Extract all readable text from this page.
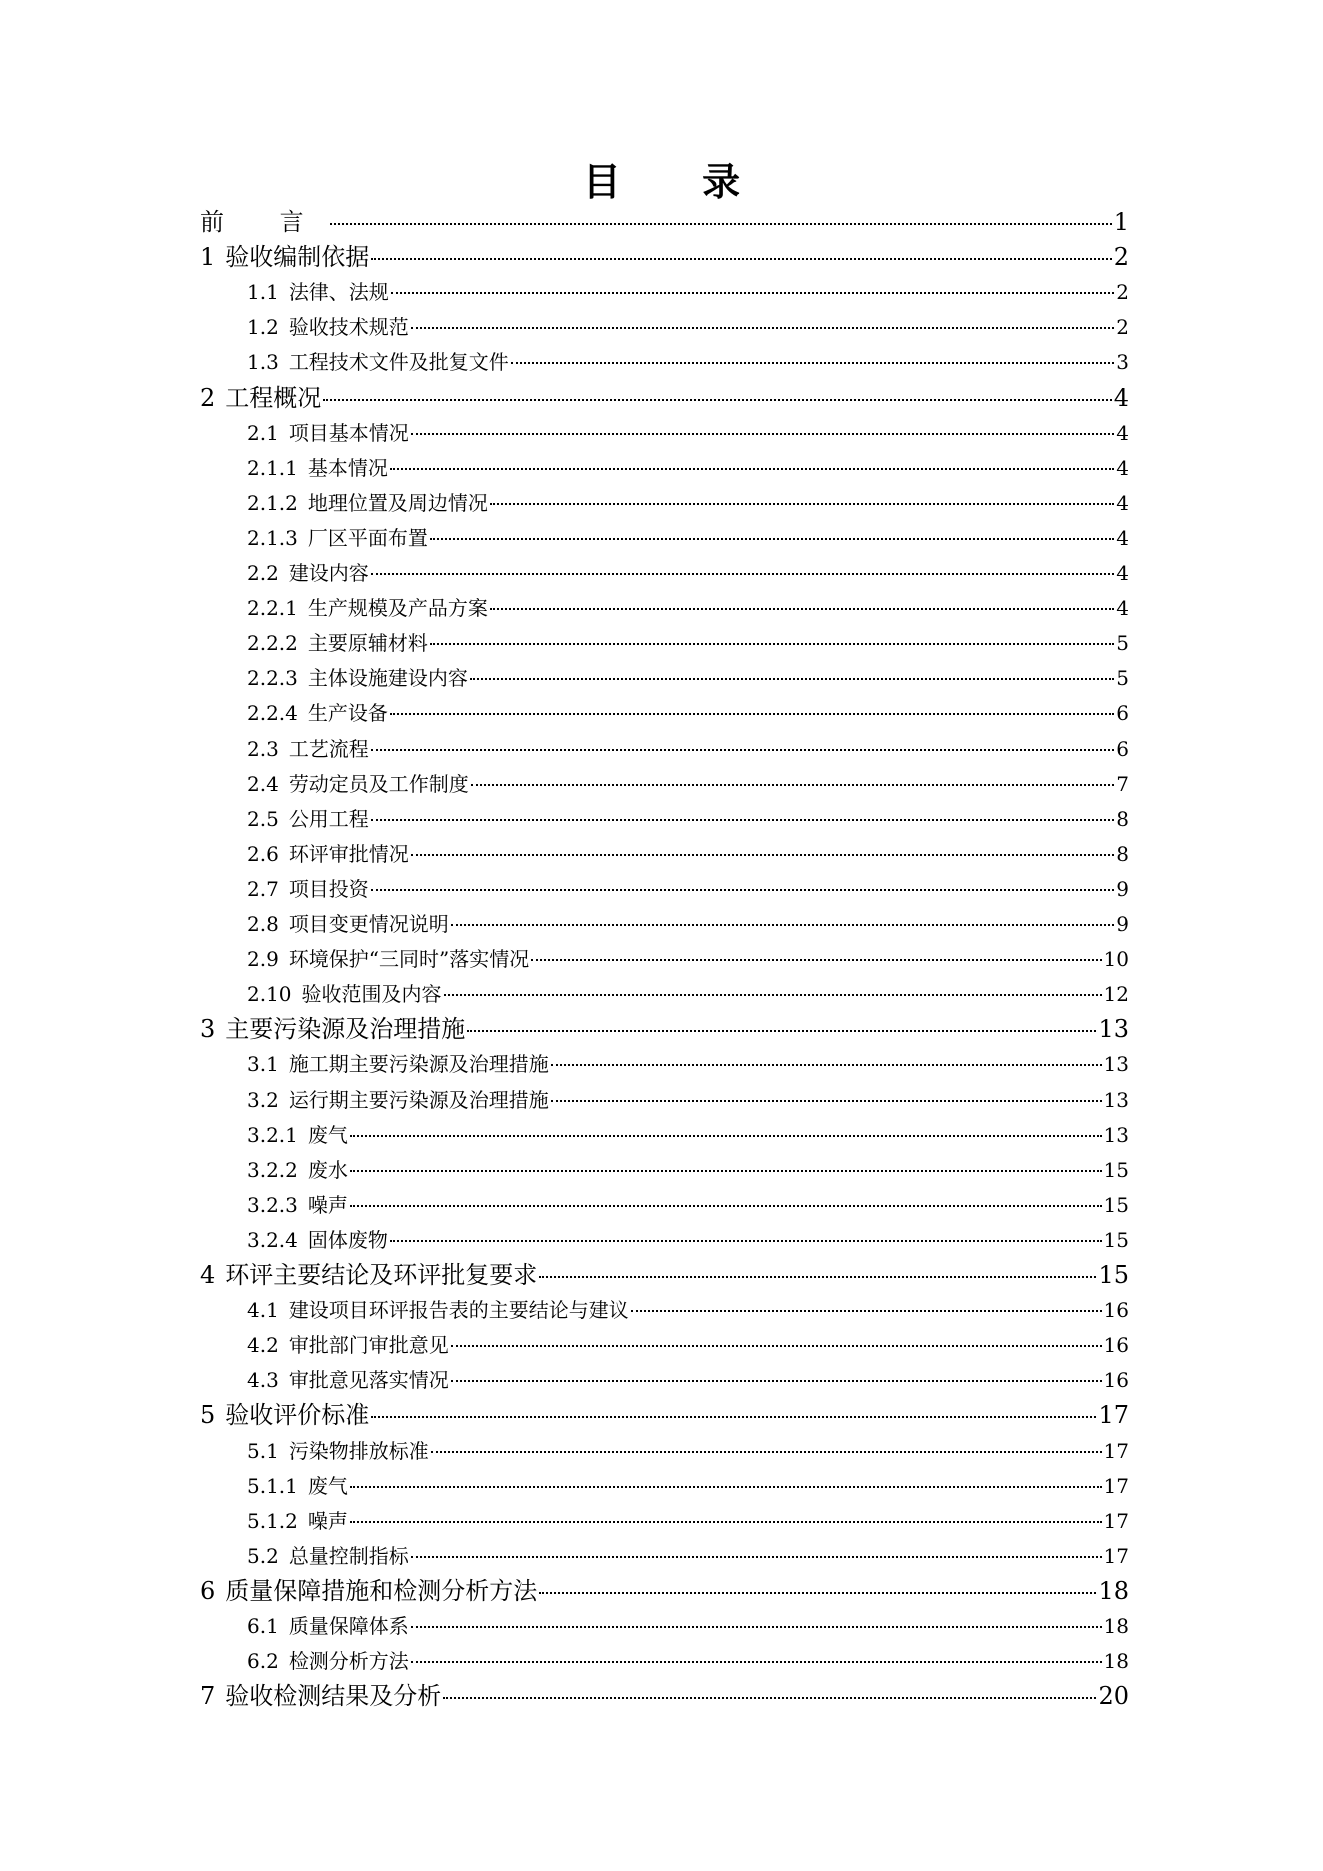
目 录
前 言	1
1 验收编制依据	2
1.1 法律、法规	2
1.2 验收技术规范	2
1.3 工程技术文件及批复文件	3
2 工程概况	4
2.1 项目基本情况	4
2.1.1 基本情况	4
2.1.2 地理位置及周边情况	4
2.1.3 厂区平面布置	4
2.2 建设内容	4
2.2.1 生产规模及产品方案	4
2.2.2 主要原辅材料	5
2.2.3 主体设施建设内容	5
2.2.4 生产设备	6
2.3 工艺流程	6
2.4 劳动定员及工作制度	7
2.5 公用工程	8
2.6 环评审批情况	8
2.7 项目投资	9
2.8 项目变更情况说明	9
2.9 环境保护“三同时”落实情况	10
2.10 验收范围及内容	12
3 主要污染源及治理措施	13
3.1 施工期主要污染源及治理措施	13
3.2 运行期主要污染源及治理措施	13
3.2.1 废气	13
3.2.2 废水	15
3.2.3 噪声	15
3.2.4 固体废物	15
4 环评主要结论及环评批复要求	15
4.1 建设项目环评报告表的主要结论与建议	16
4.2 审批部门审批意见	16
4.3 审批意见落实情况	16
5 验收评价标准	17
5.1 污染物排放标准	17
5.1.1 废气	17
5.1.2 噪声	17
5.2 总量控制指标	17
6 质量保障措施和检测分析方法	18
6.1 质量保障体系	18
6.2 检测分析方法	18
7 验收检测结果及分析	20
